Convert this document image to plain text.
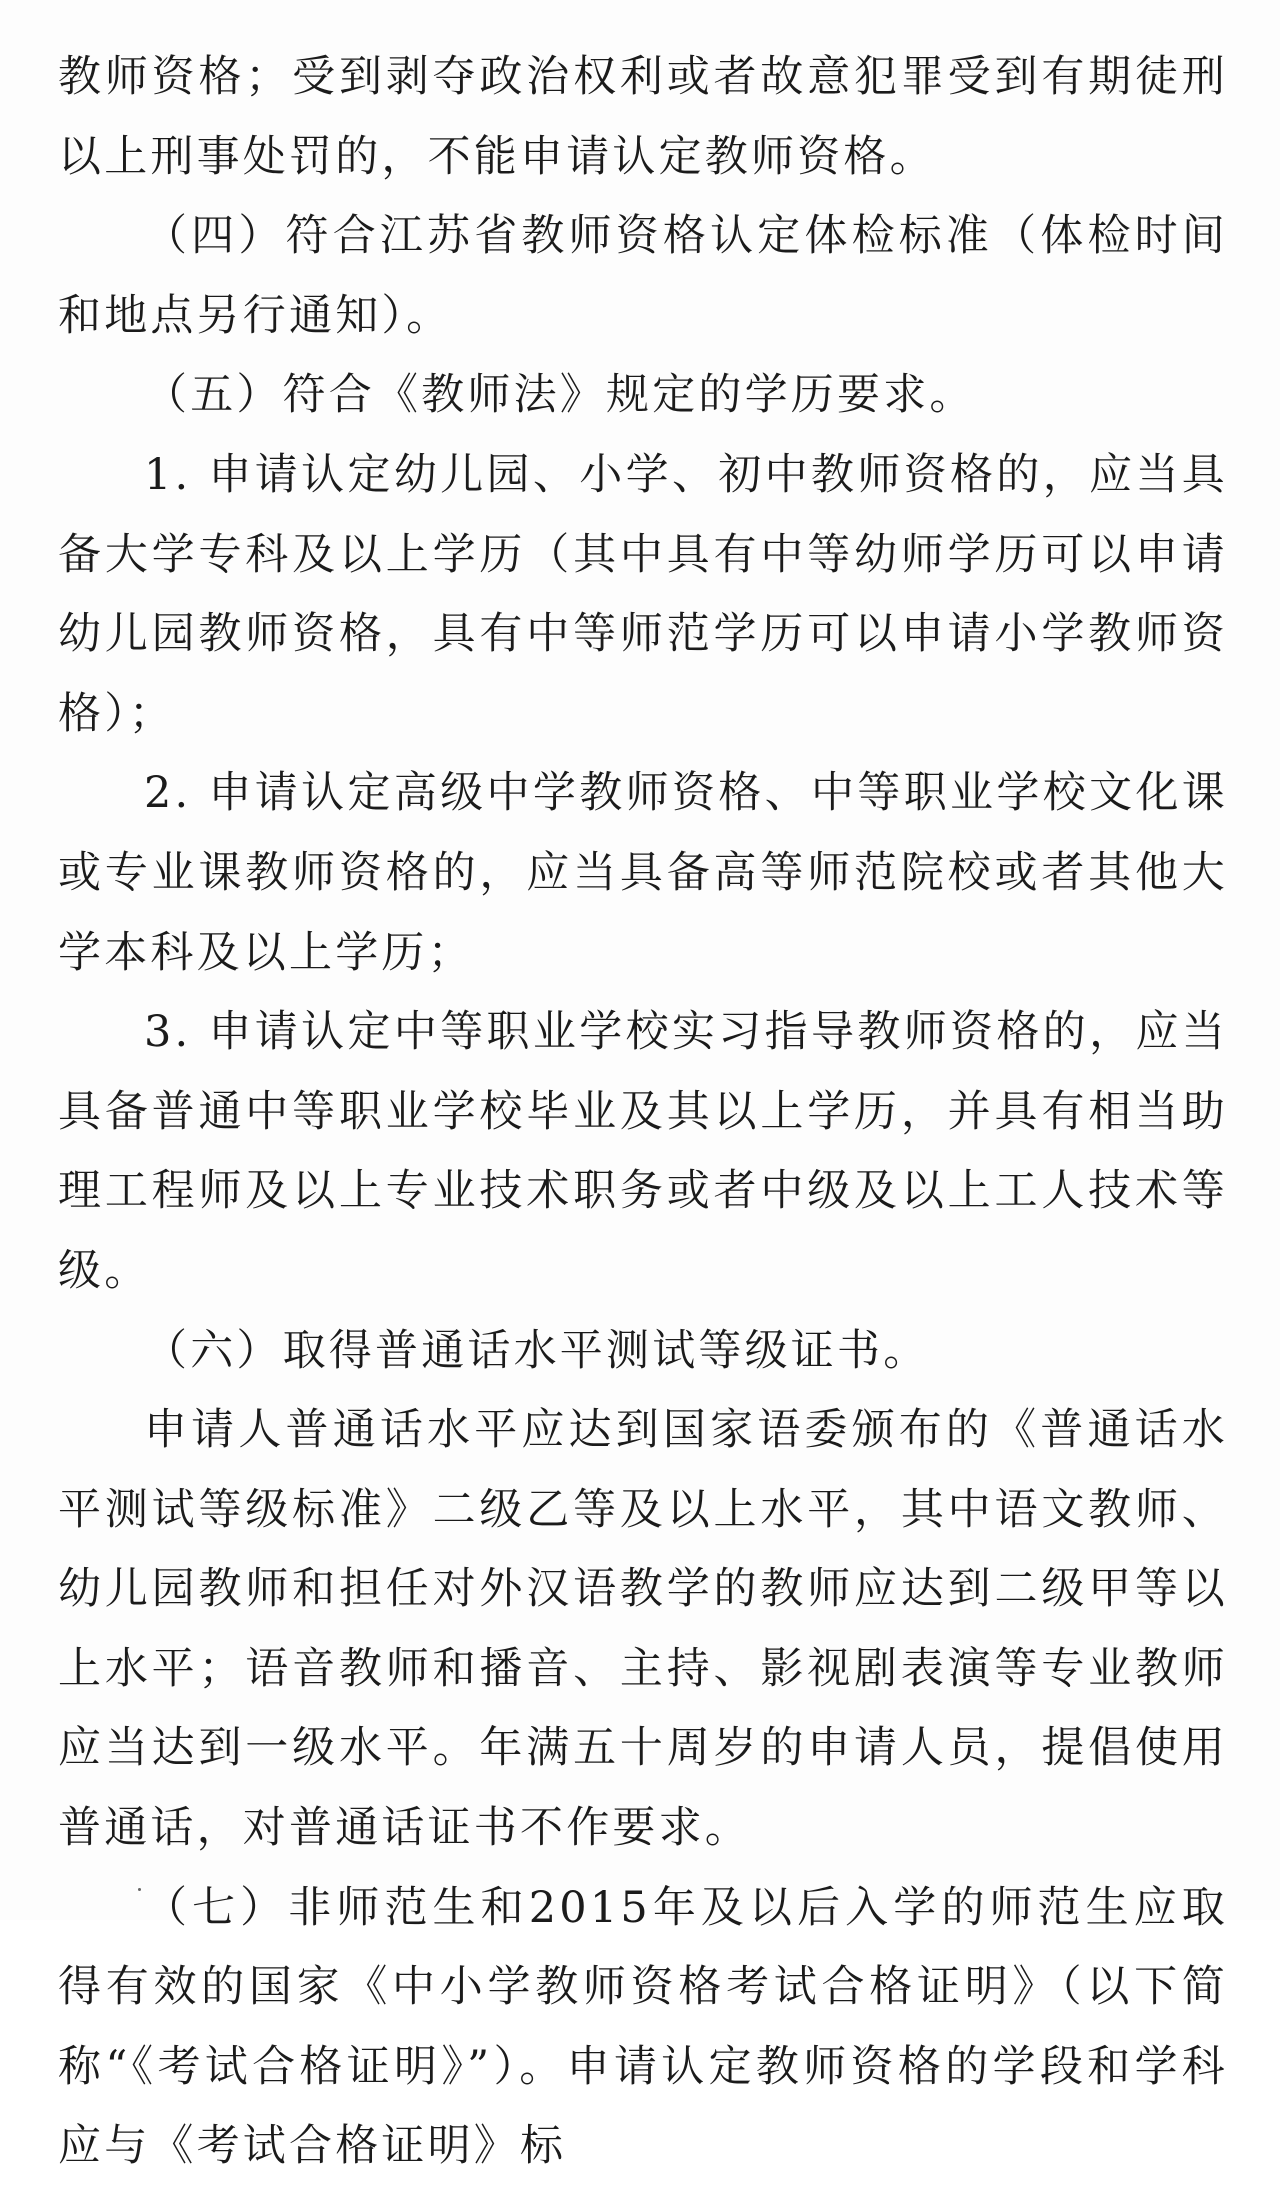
教师资格；受到剥夺政治权利或者故意犯罪受到有期徒刑以上刑事处罚的，不能申请认定教师资格。

（四）符合江苏省教师资格认定体检标准（体检时间和地点另行通知）。

（五）符合《教师法》规定的学历要求。

1. 申请认定幼儿园、小学、初中教师资格的，应当具备大学专科及以上学历（其中具有中等幼师学历可以申请幼儿园教师资格，具有中等师范学历可以申请小学教师资格）；

2. 申请认定高级中学教师资格、中等职业学校文化课或专业课教师资格的，应当具备高等师范院校或者其他大学本科及以上学历；

3. 申请认定中等职业学校实习指导教师资格的，应当具备普通中等职业学校毕业及其以上学历，并具有相当助理工程师及以上专业技术职务或者中级及以上工人技术等级。

（六）取得普通话水平测试等级证书。

申请人普通话水平应达到国家语委颁布的《普通话水平测试等级标准》二级乙等及以上水平，其中语文教师、幼儿园教师和担任对外汉语教学的教师应达到二级甲等以上水平；语音教师和播音、主持、影视剧表演等专业教师应当达到一级水平。年满五十周岁的申请人员，提倡使用普通话，对普通话证书不作要求。

（七）非师范生和2015年及以后入学的师范生应取得有效的国家《中小学教师资格考试合格证明》（以下简称“《考试合格证明》”）。申请认定教师资格的学段和学科应与《考试合格证明》标
